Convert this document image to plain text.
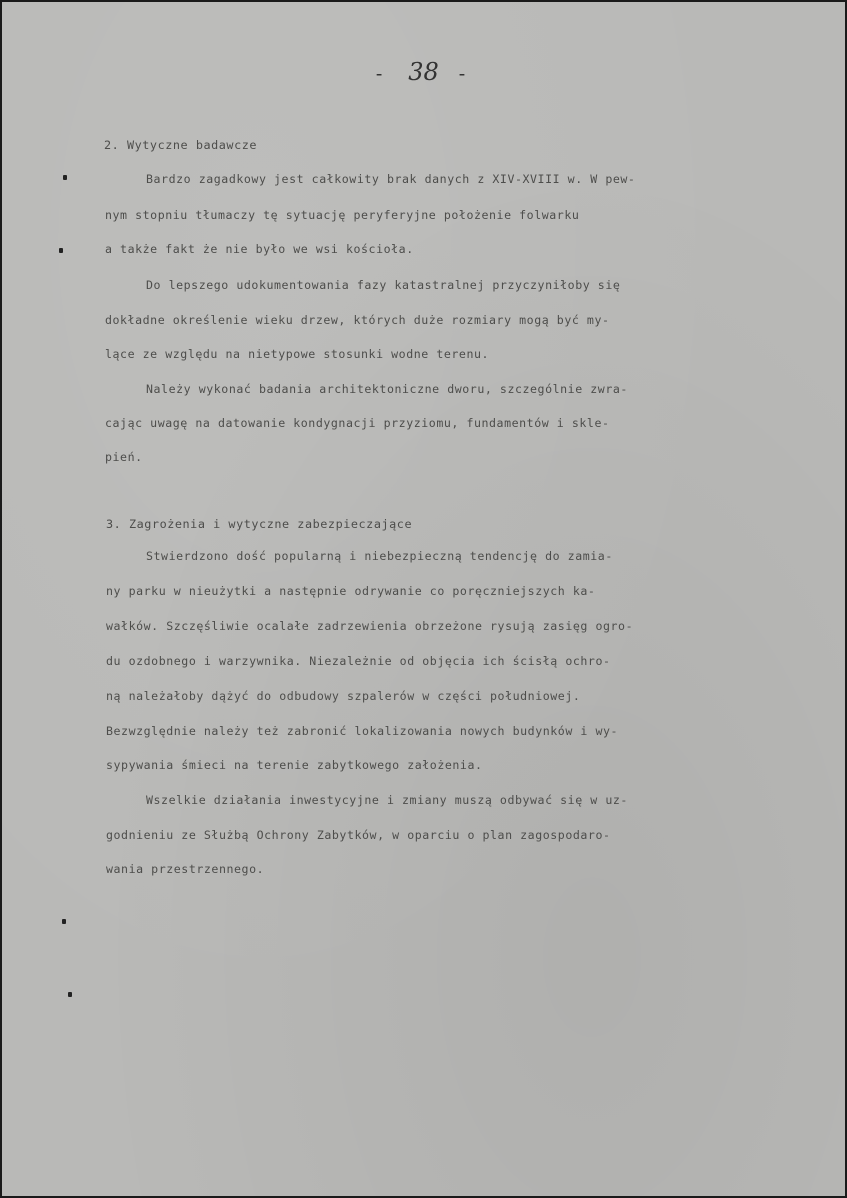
- 38 -
2. Wytyczne badawcze
Bardzo zagadkowy jest całkowity brak danych z XIV-XVIII w. W pew-
nym stopniu tłumaczy tę sytuację peryferyjne położenie folwarku
a także fakt że nie było we wsi kościoła.
Do lepszego udokumentowania fazy katastralnej przyczyniłoby się
dokładne określenie wieku drzew, których duże rozmiary mogą być my-
lące ze względu na nietypowe stosunki wodne terenu.
Należy wykonać badania architektoniczne dworu, szczególnie zwra-
cając uwagę na datowanie kondygnacji przyziomu, fundamentów i skle-
pień.
3. Zagrożenia i wytyczne zabezpieczające
Stwierdzono dość popularną i niebezpieczną tendencję do zamia-
ny parku w nieużytki a następnie odrywanie co poręczniejszych ka-
wałków. Szczęśliwie ocalałe zadrzewienia obrzeżone rysują zasięg ogro-
du ozdobnego i warzywnika. Niezależnie od objęcia ich ścisłą ochro-
ną należałoby dążyć do odbudowy szpalerów w części południowej.
Bezwzględnie należy też zabronić lokalizowania nowych budynków i wy-
sypywania śmieci na terenie zabytkowego założenia.
Wszelkie działania inwestycyjne i zmiany muszą odbywać się w uz-
godnieniu ze Służbą Ochrony Zabytków, w oparciu o plan zagospodaro-
wania przestrzennego.
